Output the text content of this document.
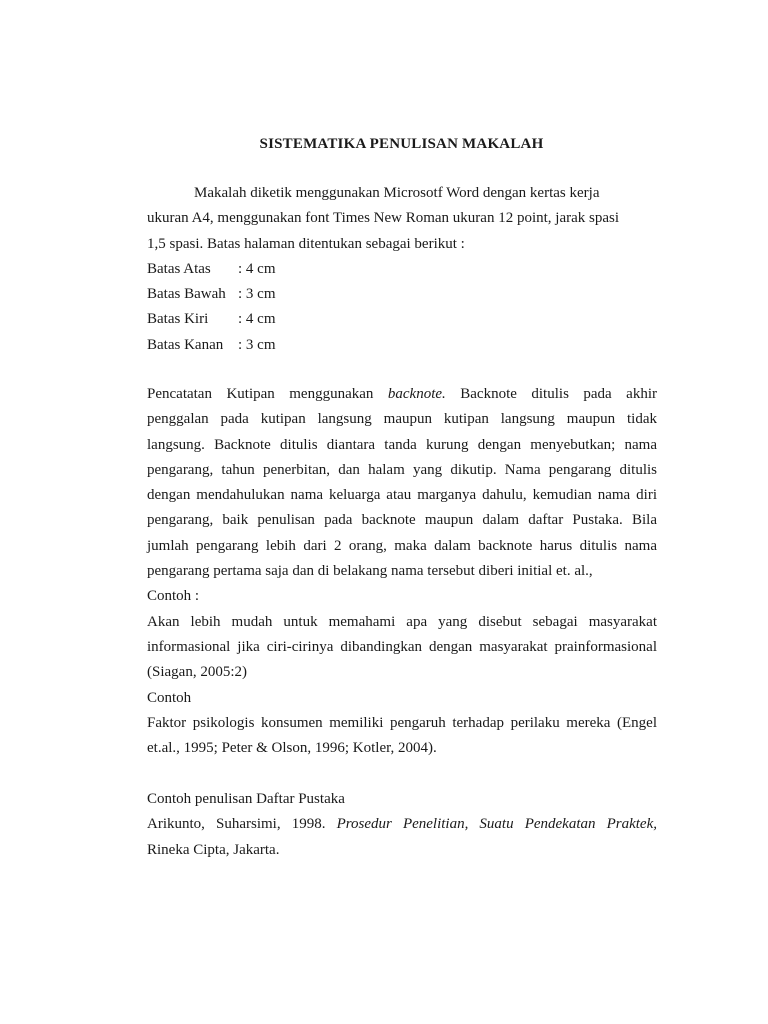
SISTEMATIKA PENULISAN MAKALAH
Makalah diketik menggunakan Microsotf Word dengan kertas kerja
ukuran A4, menggunakan font Times New Roman ukuran 12 point, jarak spasi
1,5 spasi. Batas halaman ditentukan sebagai berikut :
Batas Atas	: 4 cm
Batas Bawah : 3 cm
Batas Kiri	: 4 cm
Batas Kanan : 3 cm
Pencatatan Kutipan menggunakan backnote. Backnote ditulis pada akhir
penggalan pada kutipan langsung maupun kutipan langsung maupun tidak
langsung. Backnote ditulis diantara tanda kurung dengan menyebutkan; nama
pengarang, tahun penerbitan, dan halam yang dikutip. Nama pengarang ditulis
dengan mendahulukan nama keluarga atau marganya dahulu, kemudian nama diri
pengarang, baik penulisan pada backnote maupun dalam daftar Pustaka. Bila
jumlah pengarang lebih dari 2 orang, maka dalam backnote harus ditulis nama
pengarang pertama saja dan di belakang nama tersebut diberi initial et. al.,
Contoh :
Akan lebih mudah untuk memahami apa yang disebut sebagai masyarakat
informasional jika ciri-cirinya dibandingkan dengan masyarakat prainformasional
(Siagan, 2005:2)
Contoh
Faktor psikologis konsumen memiliki pengaruh terhadap perilaku mereka (Engel
et.al., 1995; Peter & Olson, 1996; Kotler, 2004).
Contoh penulisan Daftar Pustaka
Arikunto, Suharsimi, 1998. Prosedur Penelitian, Suatu Pendekatan Praktek,
Rineka Cipta, Jakarta.
